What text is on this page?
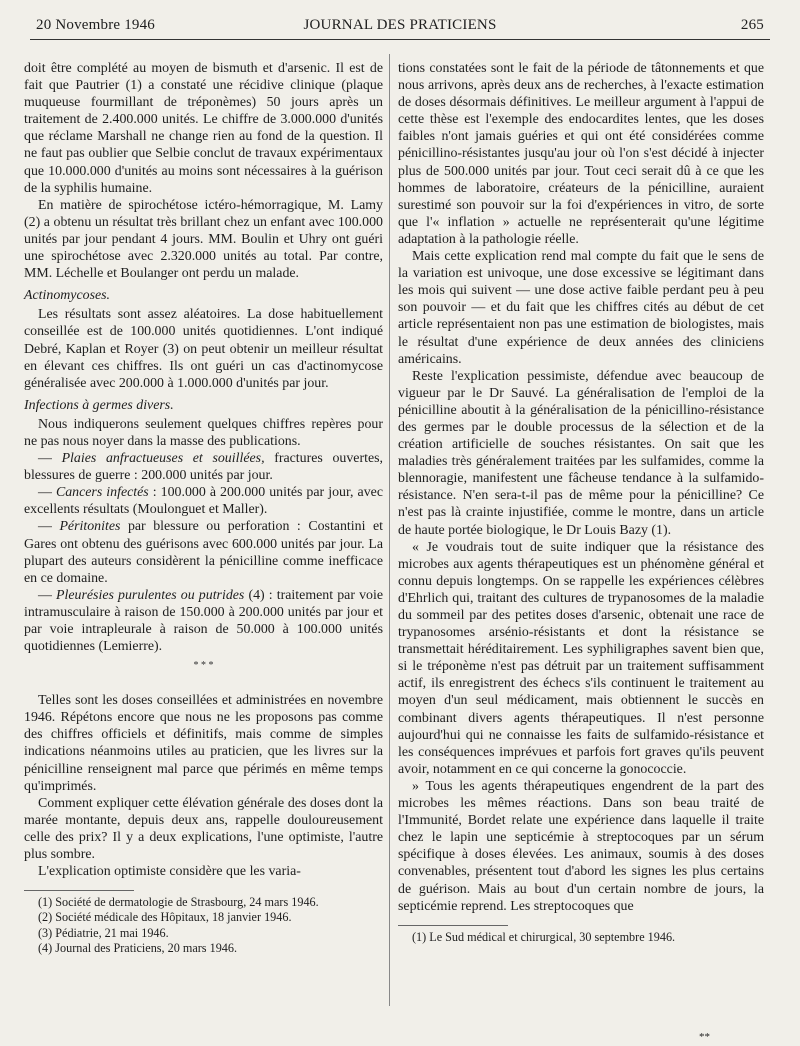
20 Novembre 1946	JOURNAL DES PRATICIENS	265

doit être complété au moyen de bismuth et d'arsenic. Il est de fait que Pautrier (1) a constaté une récidive clinique (plaque muqueuse fourmillant de tréponèmes) 50 jours après un traitement de 2.400.000 unités. Le chiffre de 3.000.000 d'unités que réclame Marshall ne change rien au fond de la question. Il ne faut pas oublier que Selbie conclut de travaux expérimentaux que 10.000.000 d'unités au moins sont nécessaires à la guérison de la syphilis humaine.

En matière de spirochétose ictéro-hémorragique, M. Lamy (2) a obtenu un résultat très brillant chez un enfant avec 100.000 unités par jour pendant 4 jours. MM. Boulin et Uhry ont guéri une spirochétose avec 2.320.000 unités au total. Par contre, MM. Léchelle et Boulanger ont perdu un malade.

Actinomycoses.

Les résultats sont assez aléatoires. La dose habituellement conseillée est de 100.000 unités quotidiennes. L'ont indiqué Debré, Kaplan et Royer (3) on peut obtenir un meilleur résultat en élevant ces chiffres. Ils ont guéri un cas d'actinomycose généralisée avec 200.000 à 1.000.000 d'unités par jour.

Infections à germes divers.

Nous indiquerons seulement quelques chiffres repères pour ne pas nous noyer dans la masse des publications.

— Plaies anfractueuses et souillées, fractures ouvertes, blessures de guerre : 200.000 unités par jour.

— Cancers infectés : 100.000 à 200.000 unités par jour, avec excellents résultats (Moulonguet et Maller).

— Péritonites par blessure ou perforation : Costantini et Gares ont obtenu des guérisons avec 600.000 unités par jour. La plupart des auteurs considèrent la pénicilline comme inefficace en ce domaine.

— Pleurésies purulentes ou putrides (4) : traitement par voie intramusculaire à raison de 150.000 à 200.000 unités par jour et par voie intrapleurale à raison de 50.000 à 100.000 unités quotidiennes (Lemierre).

* * *

Telles sont les doses conseillées et administrées en novembre 1946. Répétons encore que nous ne les proposons pas comme des chiffres officiels et définitifs, mais comme de simples indications néanmoins utiles au praticien, que les livres sur la pénicilline renseignent mal parce que périmés en même temps qu'imprimés.

Comment expliquer cette élévation générale des doses dont la marée montante, depuis deux ans, rappelle douloureusement celle des prix? Il y a deux explications, l'une optimiste, l'autre plus sombre.

L'explication optimiste considère que les varia-

(1) Société de dermatologie de Strasbourg, 24 mars 1946.

(2) Société médicale des Hôpitaux, 18 janvier 1946.

(3) Pédiatrie, 21 mai 1946.

(4) Journal des Praticiens, 20 mars 1946.

tions constatées sont le fait de la période de tâtonnements et que nous arrivons, après deux ans de recherches, à l'exacte estimation de doses désormais définitives. Le meilleur argument à l'appui de cette thèse est l'exemple des endocardites lentes, que les doses faibles n'ont jamais guéries et qui ont été considérées comme pénicillino-résistantes jusqu'au jour où l'on s'est décidé à injecter plus de 500.000 unités par jour. Tout ceci serait dû à ce que les hommes de laboratoire, créateurs de la pénicilline, auraient surestimé son pouvoir sur la foi d'expériences in vitro, de sorte que l'« inflation » actuelle ne représenterait qu'une légitime adaptation à la pathologie réelle.

Mais cette explication rend mal compte du fait que le sens de la variation est univoque, une dose excessive se légitimant dans les mois qui suivent — une dose active faible perdant peu à peu son pouvoir — et du fait que les chiffres cités au début de cet article représentaient non pas une estimation de biologistes, mais le résultat d'une expérience de deux années des cliniciens américains.

Reste l'explication pessimiste, défendue avec beaucoup de vigueur par le Dr Sauvé. La généralisation de l'emploi de la pénicilline aboutit à la généralisation de la pénicillino-résistance des germes par le double processus de la sélection et de la création artificielle de souches résistantes. On sait que les maladies très généralement traitées par les sulfamides, comme la blennoragie, manifestent une fâcheuse tendance à la sulfamido-résistance. N'en sera-t-il pas de même pour la pénicilline? Ce n'est pas là crainte injustifiée, comme le montre, dans un article de haute portée biologique, le Dr Louis Bazy (1).

« Je voudrais tout de suite indiquer que la résistance des microbes aux agents thérapeutiques est un phénomène général et connu depuis longtemps. On se rappelle les expériences célèbres d'Ehrlich qui, traitant des cultures de trypanosomes de la maladie du sommeil par des petites doses d'arsenic, obtenait une race de trypanosomes arsénio-résistants et dont la résistance se transmettait héréditairement. Les syphiligraphes savent bien que, si le tréponème n'est pas détruit par un traitement suffisamment actif, ils enregistrent des échecs s'ils continuent le traitement au moyen d'un seul médicament, mais obtiennent le succès en combinant divers agents thérapeutiques. Il n'est personne aujourd'hui qui ne connaisse les faits de sulfamido-résistance et les conséquences imprévues et parfois fort graves qu'ils peuvent avoir, notamment en ce qui concerne la gonococcie.

» Tous les agents thérapeutiques engendrent de la part des microbes les mêmes réactions. Dans son beau traité de l'Immunité, Bordet relate une expérience dans laquelle il traite chez le lapin une septicémie à streptocoques par un sérum spécifique à doses élevées. Les animaux, soumis à des doses convenables, présentent tout d'abord les signes les plus certains de guérison. Mais au bout d'un certain nombre de jours, la septicémie reprend. Les streptocoques que

(1) Le Sud médical et chirurgical, 30 septembre 1946.

**
